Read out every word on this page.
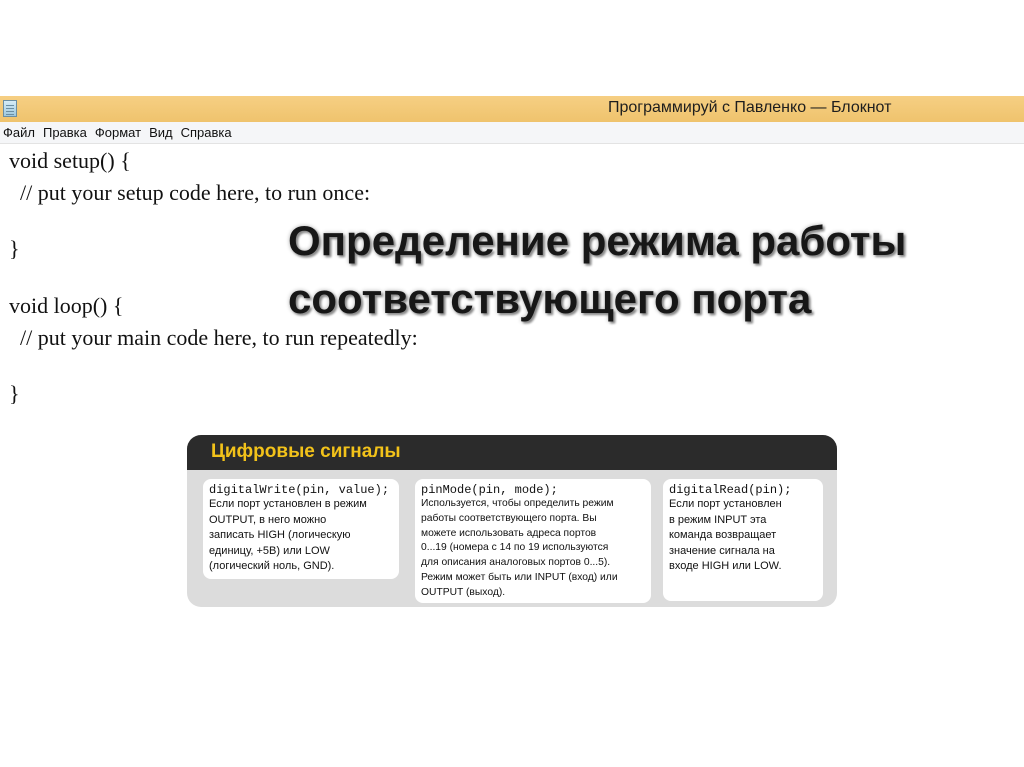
Программируй с Павленко — Блокнот
Файл Правка Формат Вид Справка
void setup() {
// put your setup code here, to run once:
}
void loop() {
// put your main code here, to run repeatedly:
}
Определение режима работы
соответствующего порта
Цифровые сигналы
digitalWrite(pin, value);
Если порт установлен в режим
OUTPUT, в него можно
записать HIGH (логическую
единицу, +5В) или LOW
(логический ноль, GND).
pinMode(pin, mode);
Используется, чтобы определить режим
работы соответствующего порта. Вы
можете использовать адреса портов
0...19 (номера с 14 по 19 используются
для описания аналоговых портов 0...5).
Режим может быть или INPUT (вход) или
OUTPUT (выход).
digitalRead(pin);
Если порт установлен
в режим INPUT эта
команда возвращает
значение сигнала на
входе HIGH или LOW.
